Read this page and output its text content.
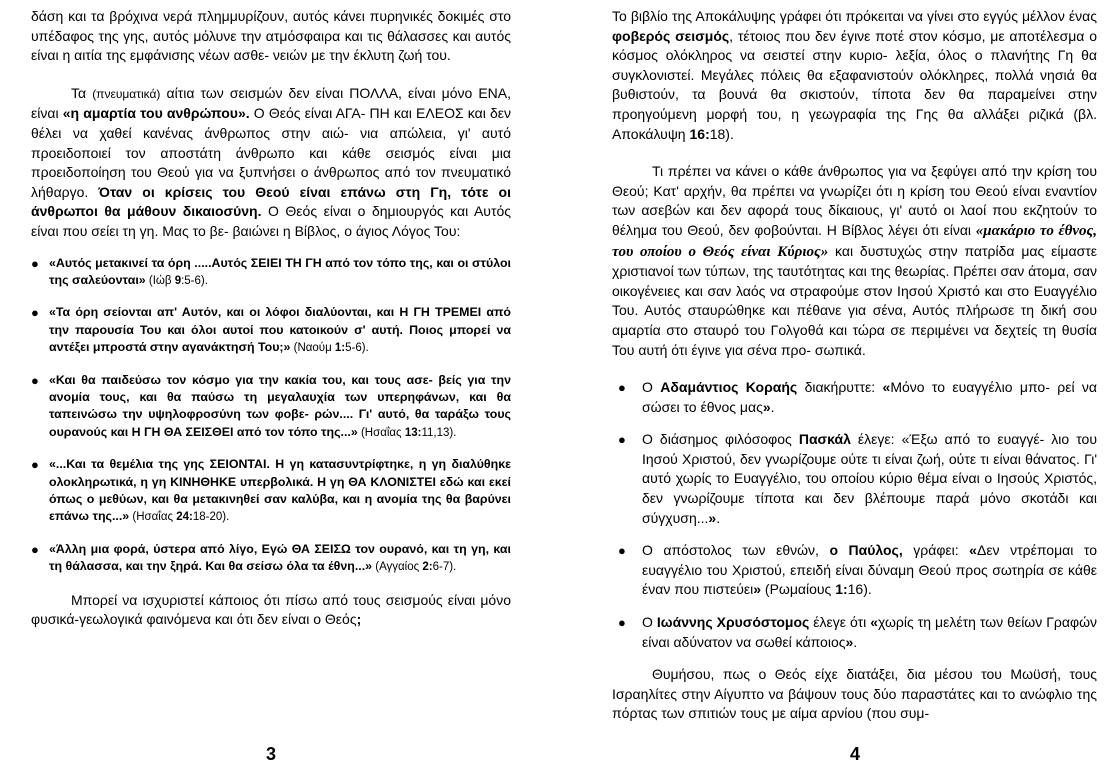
δάση και τα βρόχινα νερά πλημμυρίζουν, αυτός κάνει πυρηνικές δοκιμές στο υπέδαφος της γης, αυτός μόλυνε την ατμόσφαιρα και τις θάλασσες και αυτός είναι η αιτία της εμφάνισης νέων ασθε- νειών με την έκλυτη ζωή του.

Τα (πνευματικά) αίτια των σεισμών δεν είναι ΠΟΛΛΑ, είναι μόνο ΕΝΑ, είναι «η αμαρτία του ανθρώπου». Ο Θεός είναι ΑΓΑ- ΠΗ και ΕΛΕΟΣ και δεν θέλει να χαθεί κανένας άνθρωπος στην αιώ- νια απώλεια, γι' αυτό προειδοποιεί τον αποστάτη άνθρωπο και κάθε σεισμός είναι μια προειδοποίηση του Θεού για να ξυπνήσει ο άνθρωπος από τον πνευματικό λήθαργο. Όταν οι κρίσεις του Θεού είναι επάνω στη Γη, τότε οι άνθρωποι θα μάθουν δικαιοσύνη. Ο Θεός είναι ο δημιουργός και Αυτός είναι που σείει τη γη. Μας το βε- βαιώνει η Βίβλος, ο άγιος Λόγος Του:

● «Αυτός μετακινεί τα όρη .....Αυτός ΣΕΙΕΙ ΤΗ ΓΗ από τον τόπο της, και οι στύλοι της σαλεύονται» (Ιώβ 9:5-6).
● «Τα όρη σείονται απ' Αυτόν, και οι λόφοι διαλύονται, και Η ΓΗ ΤΡΕΜΕΙ από την παρουσία Του και όλοι αυτοί που κατοικούν σ' αυτή. Ποιος μπορεί να αντέξει μπροστά στην αγανάκτησή Του;» (Ναούμ 1:5-6).
● «Και θα παιδεύσω τον κόσμο για την κακία του, και τους ασε- βείς για την ανομία τους, και θα παύσω τη μεγαλαυχία των υπερηφάνων, και θα ταπεινώσω την υψηλοφροσύνη των φοβε- ρών.... Γι' αυτό, θα ταράξω τους ουρανούς και Η ΓΗ ΘΑ ΣΕΙΣΘΕΙ από τον τόπο της...» (Ησαΐας 13:11,13).
● «...Και τα θεμέλια της γης ΣΕΙΟΝΤΑΙ. Η γη κατασυντρίφτηκε, η γη διαλύθηκε ολοκληρωτικά, η γη ΚΙΝΗΘΗΚΕ υπερβολικά. Η γη ΘΑ ΚΛΟΝΙΣΤΕΙ εδώ και εκεί όπως ο μεθύων, και θα μετακινηθεί σαν καλύβα, και η ανομία της θα βαρύνει επάνω της...» (Ησαΐας 24:18-20).
● «Άλλη μια φορά, ύστερα από λίγο, Εγώ ΘΑ ΣΕΙΣΩ τον ουρανό, και τη γη, και τη θάλασσα, και την ξηρά. Και θα σείσω όλα τα έθνη...» (Αγγαίος 2:6-7).

Μπορεί να ισχυριστεί κάποιος ότι πίσω από τους σεισμούς είναι μόνο φυσικά-γεωλογικά φαινόμενα και ότι δεν είναι ο Θεός;

3

Το βιβλίο της Αποκάλυψης γράφει ότι πρόκειται να γίνει στο εγγύς μέλλον ένας φοβερός σεισμός, τέτοιος που δεν έγινε ποτέ στον κόσμο, με αποτέλεσμα ο κόσμος ολόκληρος να σειστεί στην κυριο- λεξία, όλος ο πλανήτης Γη θα συγκλονιστεί. Μεγάλες πόλεις θα εξαφανιστούν ολόκληρες, πολλά νησιά θα βυθιστούν, τα βουνά θα σκιστούν, τίποτα δεν θα παραμείνει στην προηγούμενη μορφή του, η γεωγραφία της Γης θα αλλάξει ριζικά (βλ. Αποκάλυψη 16:18).

Τι πρέπει να κάνει ο κάθε άνθρωπος για να ξεφύγει από την κρίση του Θεού; Κατ' αρχήν, θα πρέπει να γνωρίζει ότι η κρίση του Θεού είναι εναντίον των ασεβών και δεν αφορά τους δίκαιους, γι' αυτό οι λαοί που εκζητούν το θέλημα του Θεού, δεν φοβούνται. Η Βίβλος λέγει ότι είναι «μακάριο το έθνος, του οποίου ο Θεός είναι Κύριος» και δυστυχώς στην πατρίδα μας είμαστε χριστιανοί των τύπων, της ταυτότητας και της θεωρίας. Πρέπει σαν άτομα, σαν οικογένειες και σαν λαός να στραφούμε στον Ιησού Χριστό και στο Ευαγγέλιο Του. Αυτός σταυρώθηκε και πέθανε για σένα, Αυτός πλήρωσε τη δική σου αμαρτία στο σταυρό του Γολγοθά και τώρα σε περιμένει να δεχτείς τη θυσία Του αυτή ότι έγινε για σένα προ- σωπικά.

● Ο Αδαμάντιος Κοραής διακήρυττε: «Μόνο το ευαγγέλιο μπο- ρεί να σώσει το έθνος μας».
● Ο διάσημος φιλόσοφος Πασκάλ έλεγε: «Έξω από το ευαγγέ- λιο του Ιησού Χριστού, δεν γνωρίζουμε ούτε τι είναι ζωή, ούτε τι είναι θάνατος. Γι' αυτό χωρίς το Ευαγγέλιο, του οποίου κύριο θέμα είναι ο Ιησούς Χριστός, δεν γνωρίζουμε τίποτα και δεν βλέπουμε παρά μόνο σκοτάδι και σύγχυση...».
● Ο απόστολος των εθνών, ο Παύλος, γράφει: «Δεν ντρέπομαι το ευαγγέλιο του Χριστού, επειδή είναι δύναμη Θεού προς σωτηρία σε κάθε έναν που πιστεύει» (Ρωμαίους 1:16).
● Ο Ιωάννης Χρυσόστομος έλεγε ότι «χωρίς τη μελέτη των θείων Γραφών είναι αδύνατον να σωθεί κάποιος».

Θυμήσου, πως ο Θεός είχε διατάξει, δια μέσου του Μωϋσή, τους Ισραηλίτες στην Αίγυπτο να βάψουν τους δύο παραστάτες και το ανώφλιο της πόρτας των σπιτιών τους με αίμα αρνίου (που συμ-

4
